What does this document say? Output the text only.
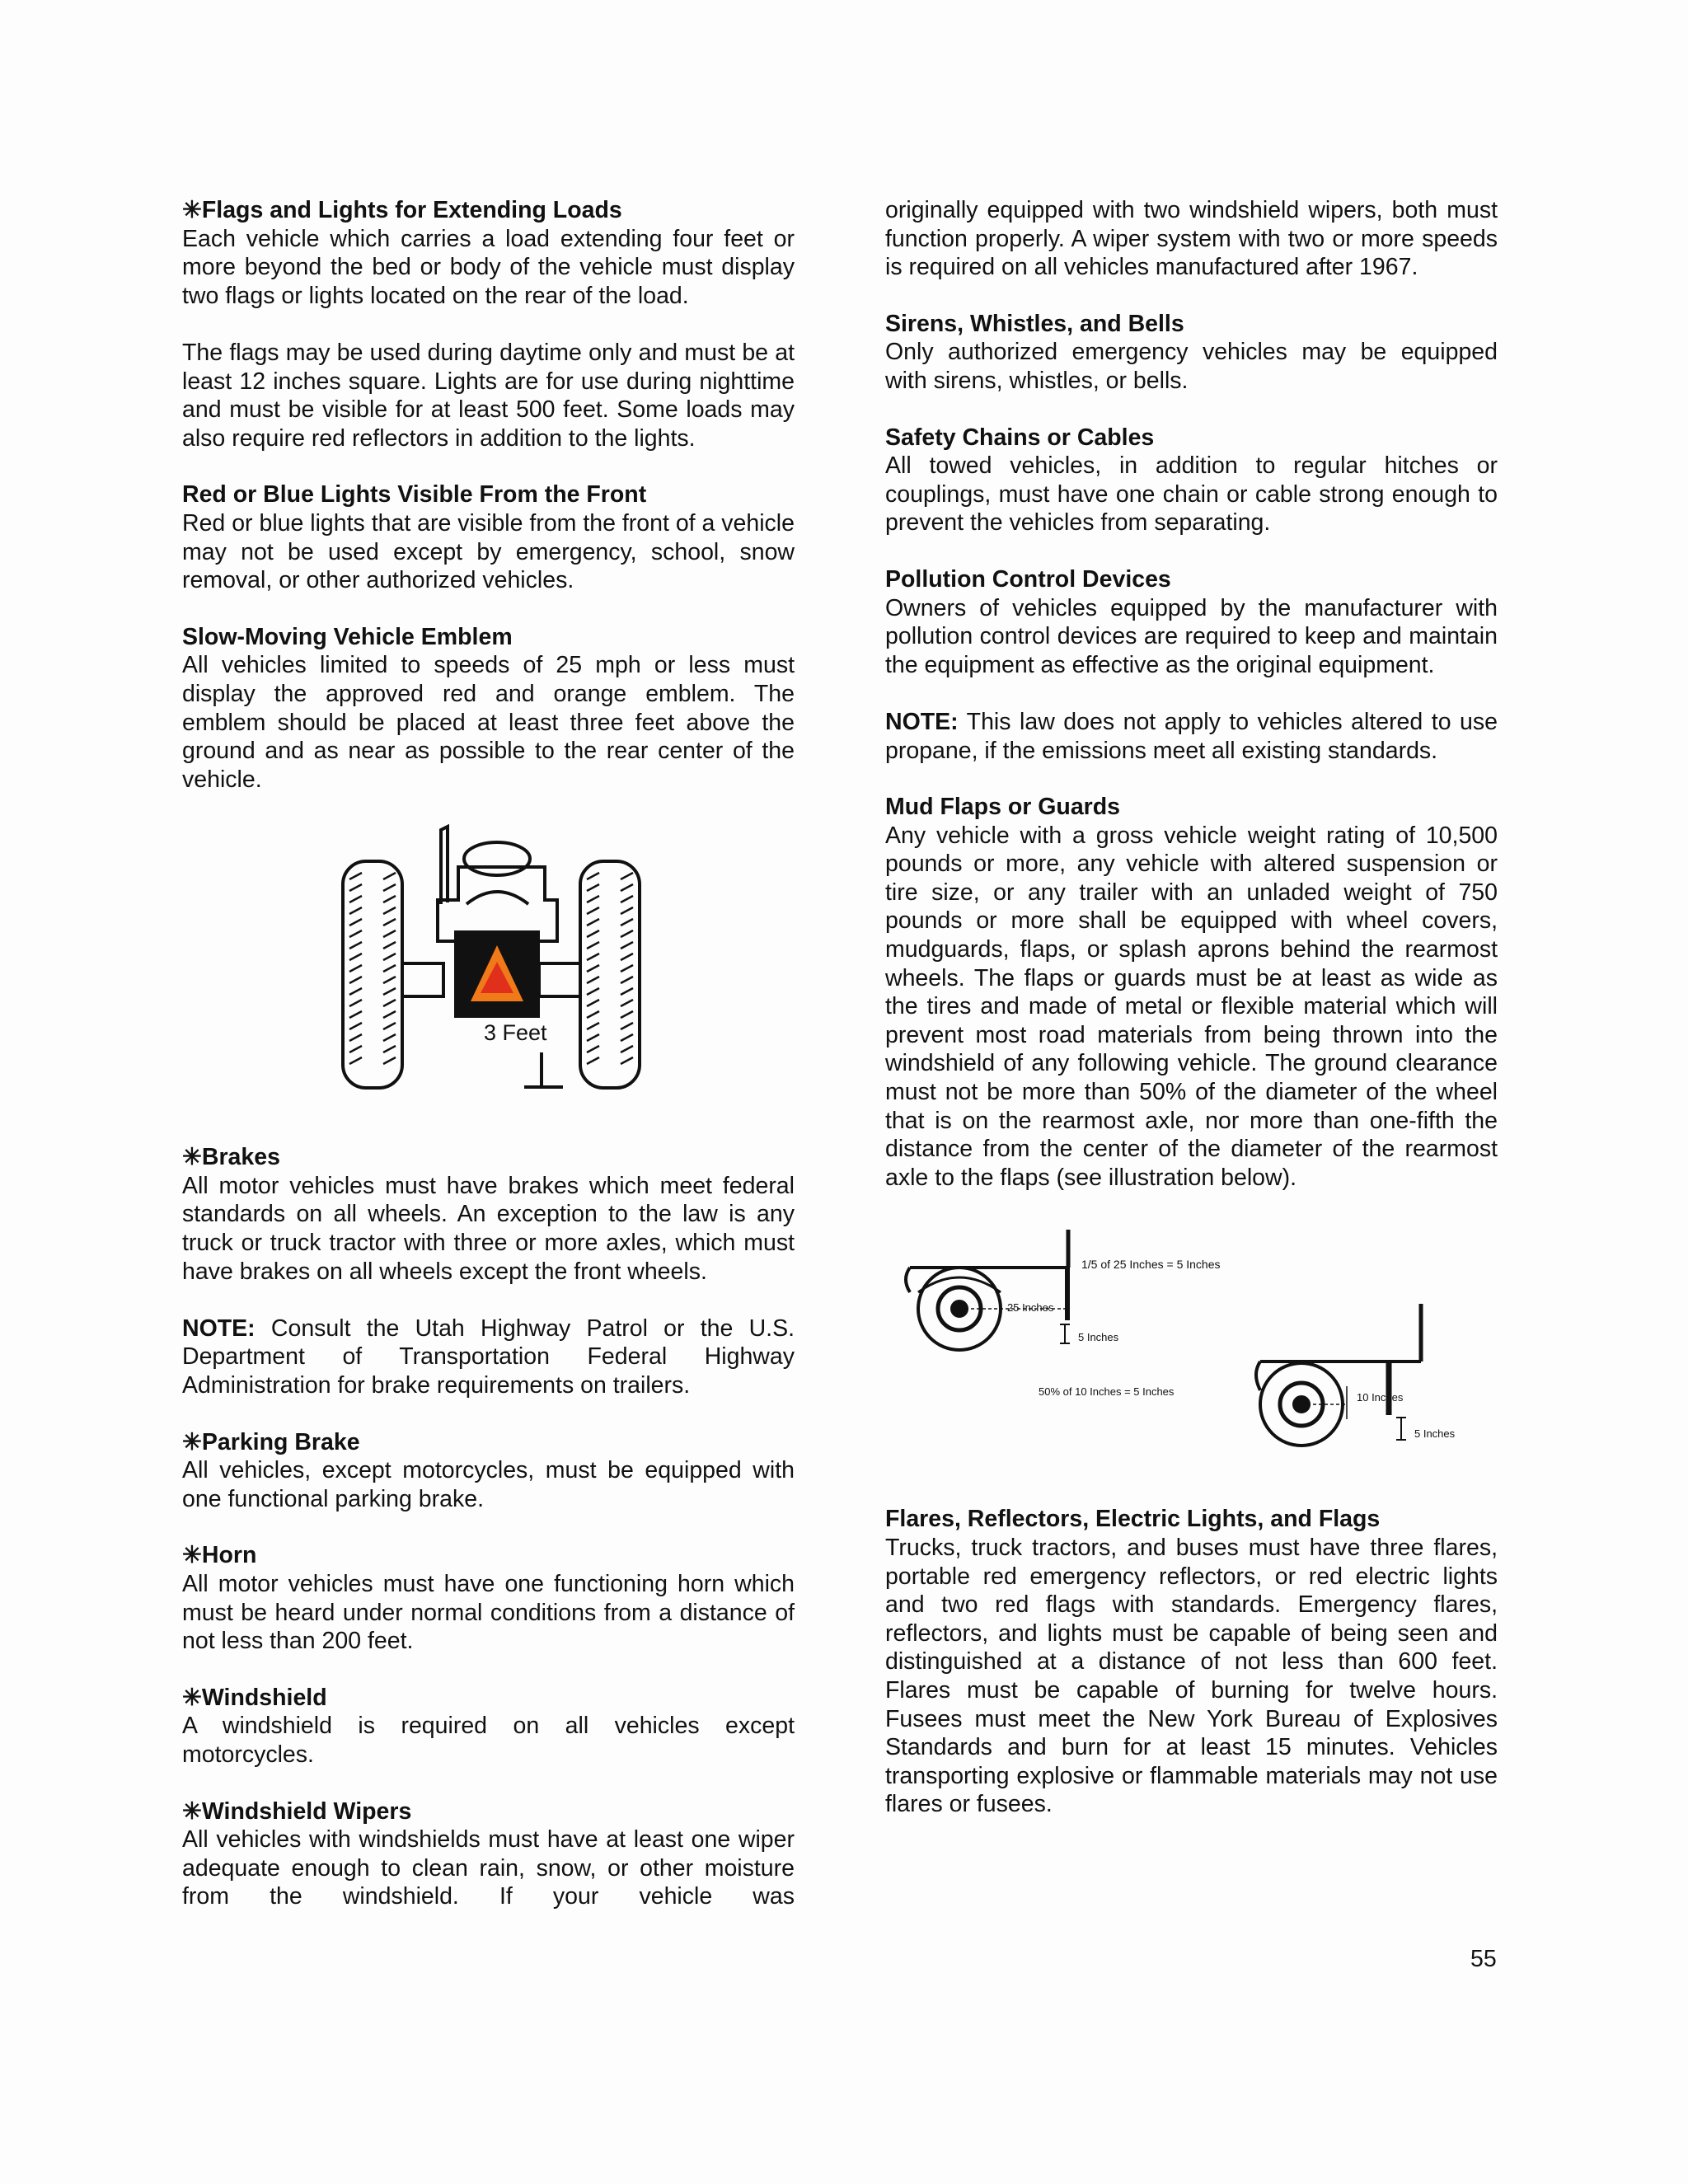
✳Flags and Lights for Extending Loads

Each vehicle which carries a load extending four feet or more beyond the bed or body of the vehicle must display two flags or lights located on the rear of the load.

The flags may be used during daytime only and must be at least 12 inches square. Lights are for use during nighttime and must be visible for at least 500 feet. Some loads may also require red reflectors in addition to the lights.

Red or Blue Lights Visible From the Front

Red or blue lights that are visible from the front of a vehicle may not be used except by emergency, school, snow removal, or other authorized vehicles.

Slow-Moving Vehicle Emblem

All vehicles limited to speeds of 25 mph or less must display the approved red and orange emblem. The emblem should be placed at least three feet above the ground and as near as possible to the rear center of the vehicle.

3 Feet

✳Brakes

All motor vehicles must have brakes which meet federal standards on all wheels. An exception to the law is any truck or truck tractor with three or more axles, which must have brakes on all wheels except the front wheels.

NOTE: Consult the Utah Highway Patrol or the U.S. Department of Transportation Federal Highway Administration for brake requirements on trailers.

✳Parking Brake

All vehicles, except motorcycles, must be equipped with one functional parking brake.

✳Horn

All motor vehicles must have one functioning horn which must be heard under normal conditions from a distance of not less than 200 feet.

✳Windshield

A windshield is required on all vehicles except motorcycles.

✳Windshield Wipers

All vehicles with windshields must have at least one wiper adequate enough to clean rain, snow, or other moisture from the windshield. If your vehicle was

originally equipped with two windshield wipers, both must function properly. A wiper system with two or more speeds is required on all vehicles manufactured after 1967.

Sirens, Whistles, and Bells

Only authorized emergency vehicles may be equipped with sirens, whistles, or bells.

Safety Chains or Cables

All towed vehicles, in addition to regular hitches or couplings, must have one chain or cable strong enough to prevent the vehicles from separating.

Pollution Control Devices

Owners of vehicles equipped by the manufacturer with pollution control devices are required to keep and maintain the equipment as effective as the original equipment.

NOTE: This law does not apply to vehicles altered to use propane, if the emissions meet all existing standards.

Mud Flaps or Guards

Any vehicle with a gross vehicle weight rating of 10,500 pounds or more, any vehicle with altered suspension or tire size, or any trailer with an unladed weight of 750 pounds or more shall be equipped with wheel covers, mudguards, flaps, or splash aprons behind the rearmost wheels. The flaps or guards must be at least as wide as the tires and made of metal or flexible material which will prevent most road materials from being thrown into the windshield of any following vehicle. The ground clearance must not be more than 50% of the diameter of the wheel that is on the rearmost axle, nor more than one-fifth the distance from the center of the diameter of the rearmost axle to the flaps (see illustration below).

1/5 of 25 Inches = 5 Inches
25 Inches
5 Inches
50% of 10 Inches = 5 Inches	10 Inches
5 Inches

Flares, Reflectors, Electric Lights, and Flags

Trucks, truck tractors, and buses must have three flares, portable red emergency reflectors, or red electric lights and two red flags with standards. Emergency flares, reflectors, and lights must be capable of being seen and distinguished at a distance of not less than 600 feet. Flares must be capable of burning for twelve hours. Fusees must meet the New York Bureau of Explosives Standards and burn for at least 15 minutes. Vehicles transporting explosive or flammable materials may not use flares or fusees.

55
